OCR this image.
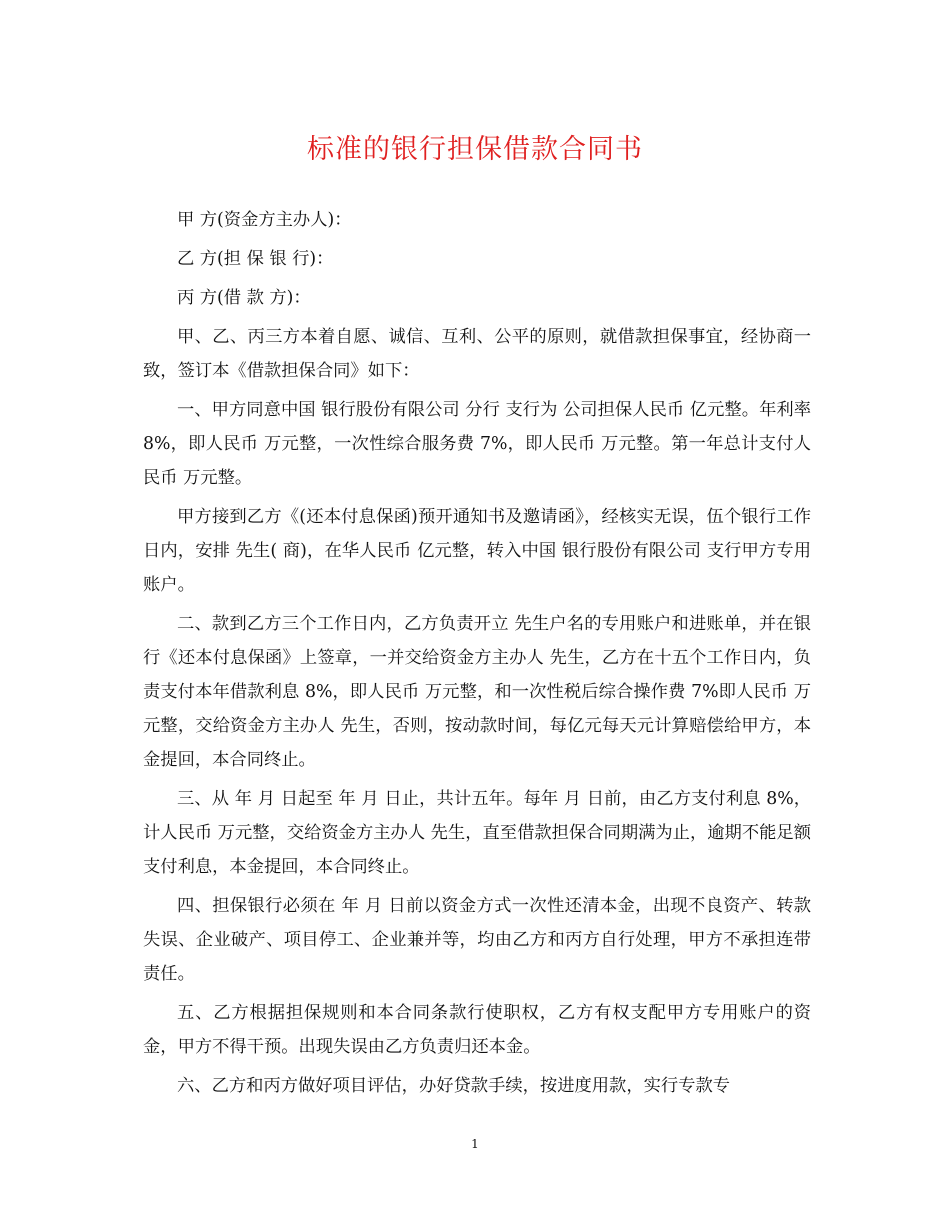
标准的银行担保借款合同书

甲 方(资金方主办人)：

乙 方(担 保 银 行)：

丙 方(借 款 方)：

甲、乙、丙三方本着自愿、诚信、互利、公平的原则，就借款担保事宜，经协商一致，签订本《借款担保合同》如下：

一、甲方同意中国 银行股份有限公司 分行 支行为 公司担保人民币 亿元整。年利率 8%，即人民币 万元整，一次性综合服务费 7%，即人民币 万元整。第一年总计支付人民币 万元整。

甲方接到乙方《(还本付息保函)预开通知书及邀请函》，经核实无误，伍个银行工作日内，安排 先生( 商)，在华人民币 亿元整，转入中国 银行股份有限公司 支行甲方专用账户。

二、款到乙方三个工作日内，乙方负责开立 先生户名的专用账户和进账单，并在银行《还本付息保函》上签章，一并交给资金方主办人 先生，乙方在十五个工作日内，负责支付本年借款利息 8%，即人民币 万元整，和一次性税后综合操作费 7%即人民币 万元整，交给资金方主办人 先生，否则，按动款时间，每亿元每天元计算赔偿给甲方，本金提回，本合同终止。

三、从 年 月 日起至 年 月 日止，共计五年。每年 月 日前，由乙方支付利息 8%，计人民币 万元整，交给资金方主办人 先生，直至借款担保合同期满为止，逾期不能足额支付利息，本金提回，本合同终止。

四、担保银行必须在 年 月 日前以资金方式一次性还清本金，出现不良资产、转款失误、企业破产、项目停工、企业兼并等，均由乙方和丙方自行处理，甲方不承担连带责任。

五、乙方根据担保规则和本合同条款行使职权，乙方有权支配甲方专用账户的资金，甲方不得干预。出现失误由乙方负责归还本金。

六、乙方和丙方做好项目评估，办好贷款手续，按进度用款，实行专款专

1
